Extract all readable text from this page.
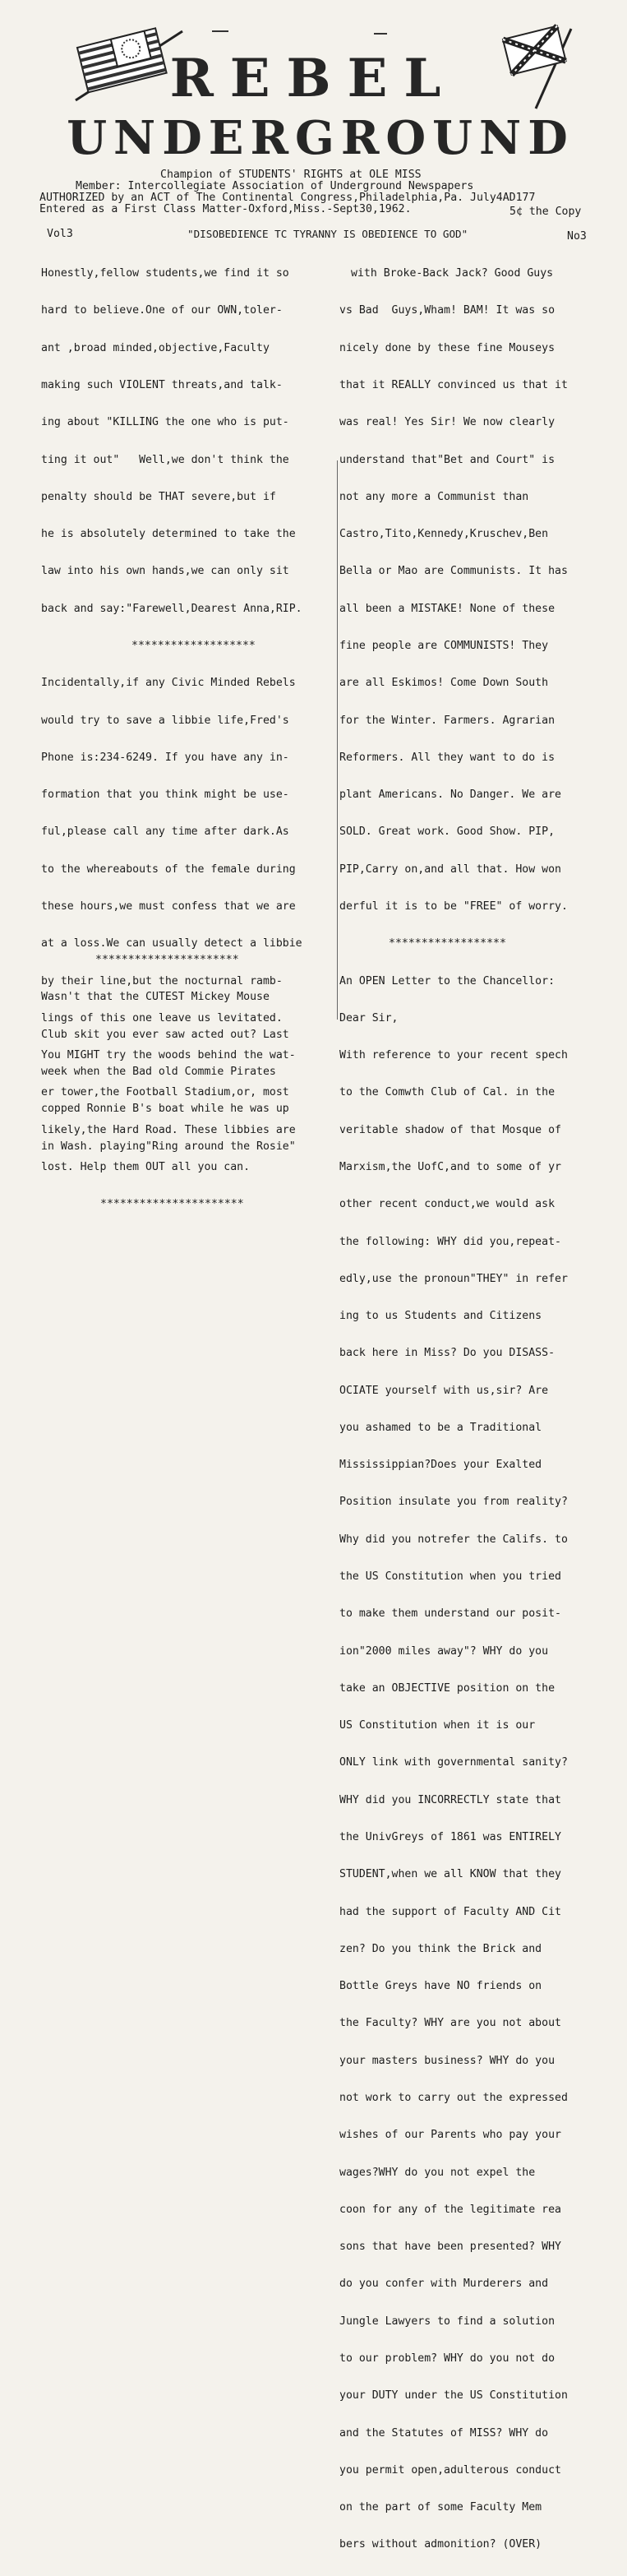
REBEL
UNDERGROUND
Champion of STUDENTS' RIGHTS at OLE MISS
Member: Intercollegiate Association of Underground Newspapers
AUTHORIZED by an ACT of The Continental Congress,Philadelphia,Pa. July4AD177
Entered as a First Class Matter-Oxford,Miss.-Sept30,1962.	5¢ the Copy
Vol3	"DISOBEDIENCE TC TYRANNY IS OBEDIENCE TO GOD"	No3

Honestly,fellow students,we find it so

hard to believe.One of our OWN,toler-

ant ,broad minded,objective,Faculty

making such VIOLENT threats,and talk-

ing about "KILLING the one who is put-

ting it out"   Well,we don't think the

penalty should be THAT severe,but if

he is absolutely determined to take the

law into his own hands,we can only sit

back and say:"Farewell,Dearest Anna,RIP.

*******************

Incidentally,if any Civic Minded Rebels

would try to save a libbie life,Fred's

Phone is:234-6249. If you have any in-

formation that you think might be use-

ful,please call any time after dark.As

to the whereabouts of the female during

these hours,we must confess that we are

at a loss.We can usually detect a libbie

by their line,but the nocturnal ramb-

lings of this one leave us levitated.

You MIGHT try the woods behind the wat-

er tower,the Football Stadium,or, most

likely,the Hard Road. These libbies are

lost. Help them OUT all you can.

**********************

**********************

Wasn't that the CUTEST Mickey Mouse

Club skit you ever saw acted out? Last

week when the Bad old Commie Pirates

copped Ronnie B's boat while he was up

in Wash. playing"Ring around the Rosie"

with Broke-Back Jack? Good Guys

vs Bad  Guys,Wham! BAM! It was so

nicely done by these fine Mouseys

that it REALLY convinced us that it

was real! Yes Sir! We now clearly

understand that"Bet and Court" is

not any more a Communist than

Castro,Tito,Kennedy,Kruschev,Ben

Bella or Mao are Communists. It has

all been a MISTAKE! None of these

fine people are COMMUNISTS! They

are all Eskimos! Come Down South

for the Winter. Farmers. Agrarian

Reformers. All they want to do is

plant Americans. No Danger. We are

SOLD. Great work. Good Show. PIP,

PIP,Carry on,and all that. How won

derful it is to be "FREE" of worry.

******************

An OPEN Letter to the Chancellor:

Dear Sir,

With reference to your recent spech

to the Comwth Club of Cal. in the

veritable shadow of that Mosque of

Marxism,the UofC,and to some of yr

other recent conduct,we would ask

the following: WHY did you,repeat-

edly,use the pronoun"THEY" in refer

ing to us Students and Citizens

back here in Miss? Do you DISASS-

OCIATE yourself with us,sir? Are

you ashamed to be a Traditional

Mississippian?Does your Exalted

Position insulate you from reality?

Why did you notrefer the Califs. to

the US Constitution when you tried

to make them understand our posit-

ion"2000 miles away"? WHY do you

take an OBJECTIVE position on the

US Constitution when it is our

ONLY link with governmental sanity?

WHY did you INCORRECTLY state that

the UnivGreys of 1861 was ENTIRELY

STUDENT,when we all KNOW that they

had the support of Faculty AND Cit

zen? Do you think the Brick and

Bottle Greys have NO friends on

the Faculty? WHY are you not about

your masters business? WHY do you

not work to carry out the expressed

wishes of our Parents who pay your

wages?WHY do you not expel the

coon for any of the legitimate rea

sons that have been presented? WHY

do you confer with Murderers and

Jungle Lawyers to find a solution

to our problem? WHY do you not do

your DUTY under the US Constitution

and the Statutes of MISS? WHY do

you permit open,adulterous conduct

on the part of some Faculty Mem

bers without admonition? (OVER)
